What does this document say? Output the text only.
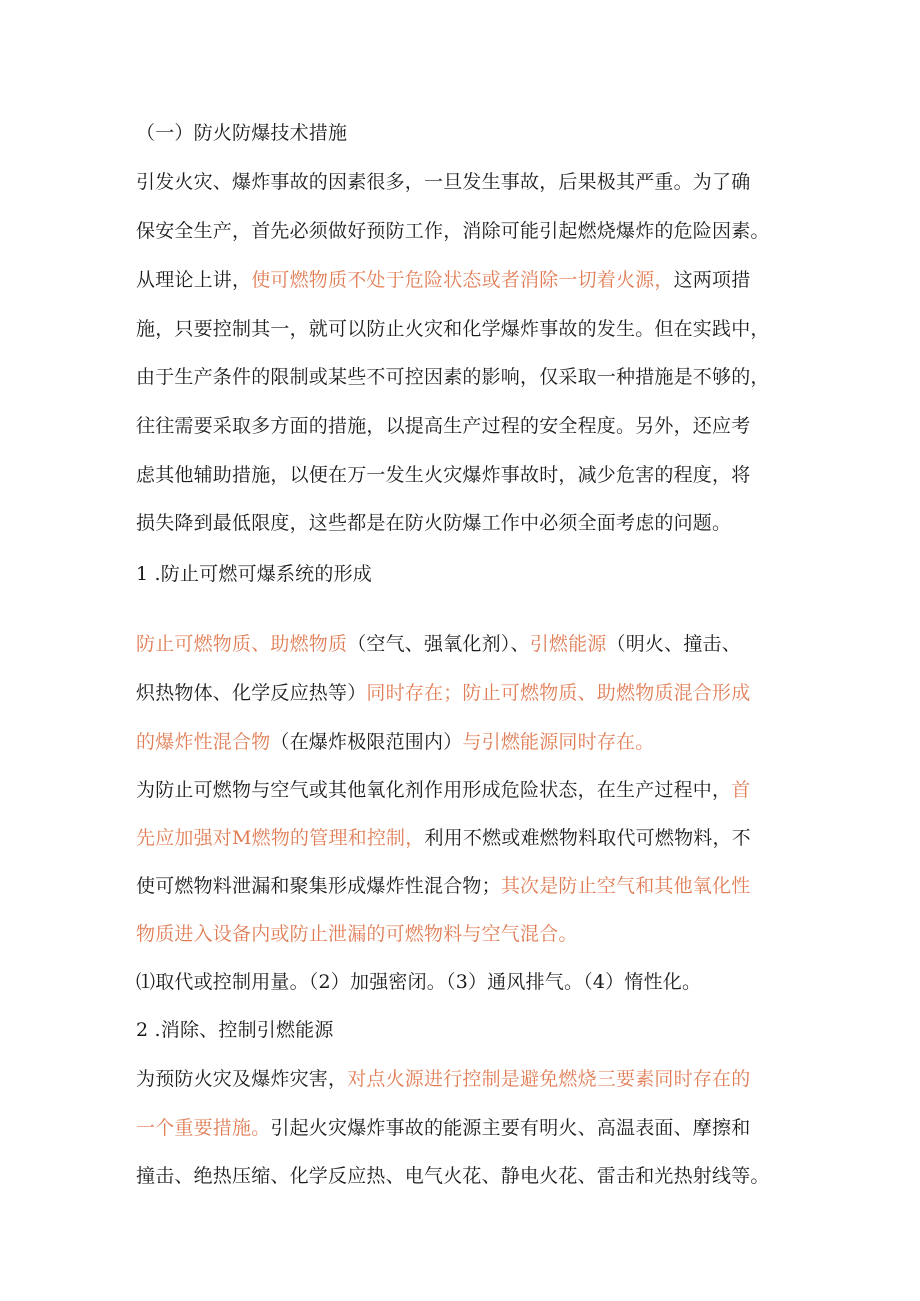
（一）防火防爆技术措施
引发火灾、爆炸事故的因素很多，一旦发生事故，后果极其严重。为了确
保安全生产，首先必须做好预防工作，消除可能引起燃烧爆炸的危险因素。
从理论上讲，使可燃物质不处于危险状态或者消除一切着火源，这两项措
施，只要控制其一，就可以防止火灾和化学爆炸事故的发生。但在实践中，
由于生产条件的限制或某些不可控因素的影响，仅采取一种措施是不够的，
往往需要采取多方面的措施，以提高生产过程的安全程度。另外，还应考
虑其他辅助措施，以便在万一发生火灾爆炸事故时，减少危害的程度，将
损失降到最低限度，这些都是在防火防爆工作中必须全面考虑的问题。
1 .防止可燃可爆系统的形成
防止可燃物质、助燃物质（空气、强氧化剂）、引燃能源（明火、撞击、
炽热物体、化学反应热等）同时存在；防止可燃物质、助燃物质混合形成
的爆炸性混合物（在爆炸极限范围内）与引燃能源同时存在。
为防止可燃物与空气或其他氧化剂作用形成危险状态，在生产过程中，首
先应加强对M燃物的管理和控制，利用不燃或难燃物料取代可燃物料，不
使可燃物料泄漏和聚集形成爆炸性混合物；其次是防止空气和其他氧化性
物质进入设备内或防止泄漏的可燃物料与空气混合。
⑴取代或控制用量。（2）加强密闭。（3）通风排气。（4）惰性化。
2 .消除、控制引燃能源
为预防火灾及爆炸灾害，对点火源进行控制是避免燃烧三要素同时存在的
一个重要措施。引起火灾爆炸事故的能源主要有明火、高温表面、摩擦和
撞击、绝热压缩、化学反应热、电气火花、静电火花、雷击和光热射线等。
